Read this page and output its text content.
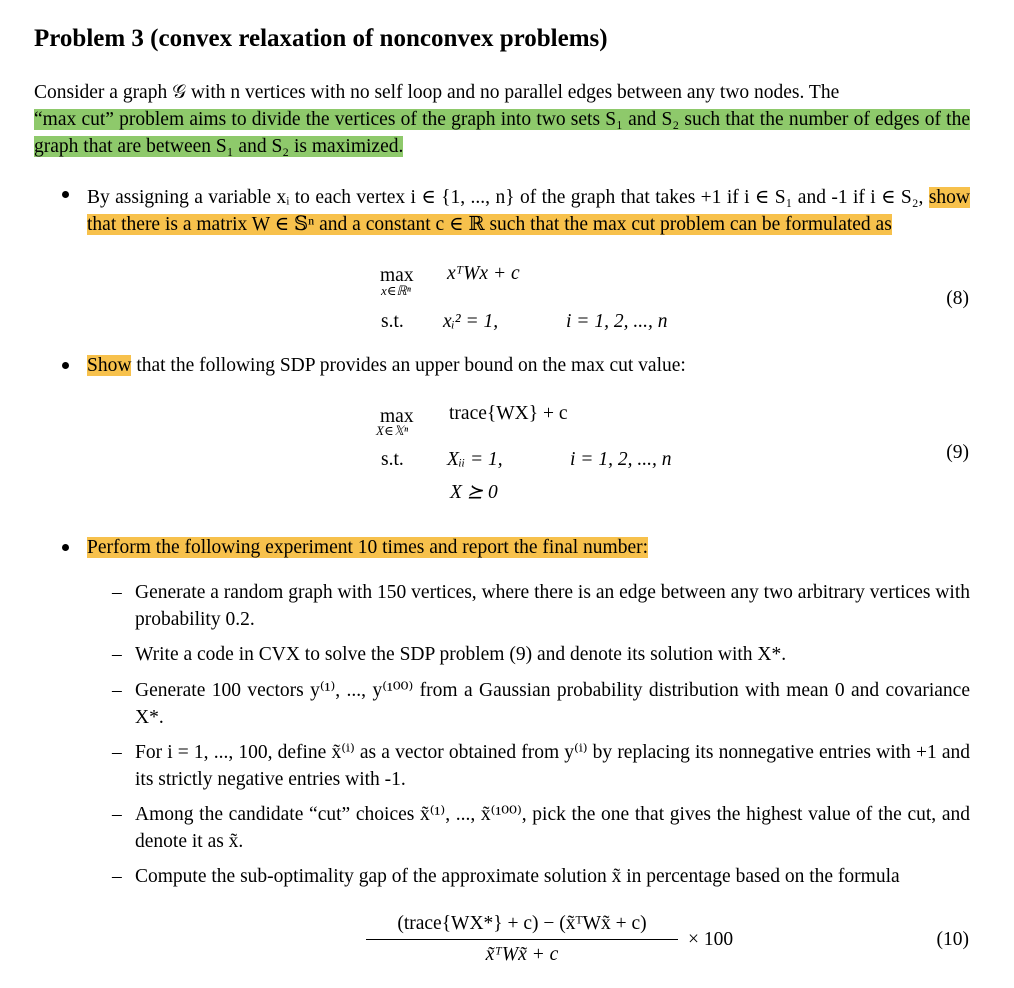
Problem 3 (convex relaxation of nonconvex problems)
Consider a graph 𝒢 with n vertices with no self loop and no parallel edges between any two nodes. The
“max cut” problem aims to divide the vertices of the graph into two sets S₁ and S₂ such that the number of edges of the graph that are between S₁ and S₂ is maximized.
By assigning a variable xᵢ to each vertex i ∈ {1, ..., n} of the graph that takes +1 if i ∈ S₁ and -1 if i ∈ S₂, show that there is a matrix W ∈ 𝕊ⁿ and a constant c ∈ ℝ such that the max cut problem can be formulated as
max
x∈ℝⁿ
xᵀWx + c
s.t. xᵢ² = 1,	i = 1, 2, ..., n
(8)
Show that the following SDP provides an upper bound on the max cut value:
max
X∈𝕏ⁿ
trace{WX} + c
s.t. Xᵢᵢ = 1,	i = 1, 2, ..., n
X ⪰ 0
(9)
Perform the following experiment 10 times and report the final number:
– Generate a random graph with 150 vertices, where there is an edge between any two arbitrary vertices with probability 0.2.
– Write a code in CVX to solve the SDP problem (9) and denote its solution with X*.
– Generate 100 vectors y⁽¹⁾, ..., y⁽¹⁰⁰⁾ from a Gaussian probability distribution with mean 0 and covariance X*.
– For i = 1, ..., 100, define x̃⁽ⁱ⁾ as a vector obtained from y⁽ⁱ⁾ by replacing its nonnegative entries with +1 and its strictly negative entries with -1.
– Among the candidate “cut” choices x̃⁽¹⁾, ..., x̃⁽¹⁰⁰⁾, pick the one that gives the highest value of the cut, and denote it as x̃.
– Compute the sub-optimality gap of the approximate solution x̃ in percentage based on the formula
(trace{WX*} + c) − (x̃ᵀWx̃ + c)
x̃ᵀWx̃ + c
× 100	(10)
